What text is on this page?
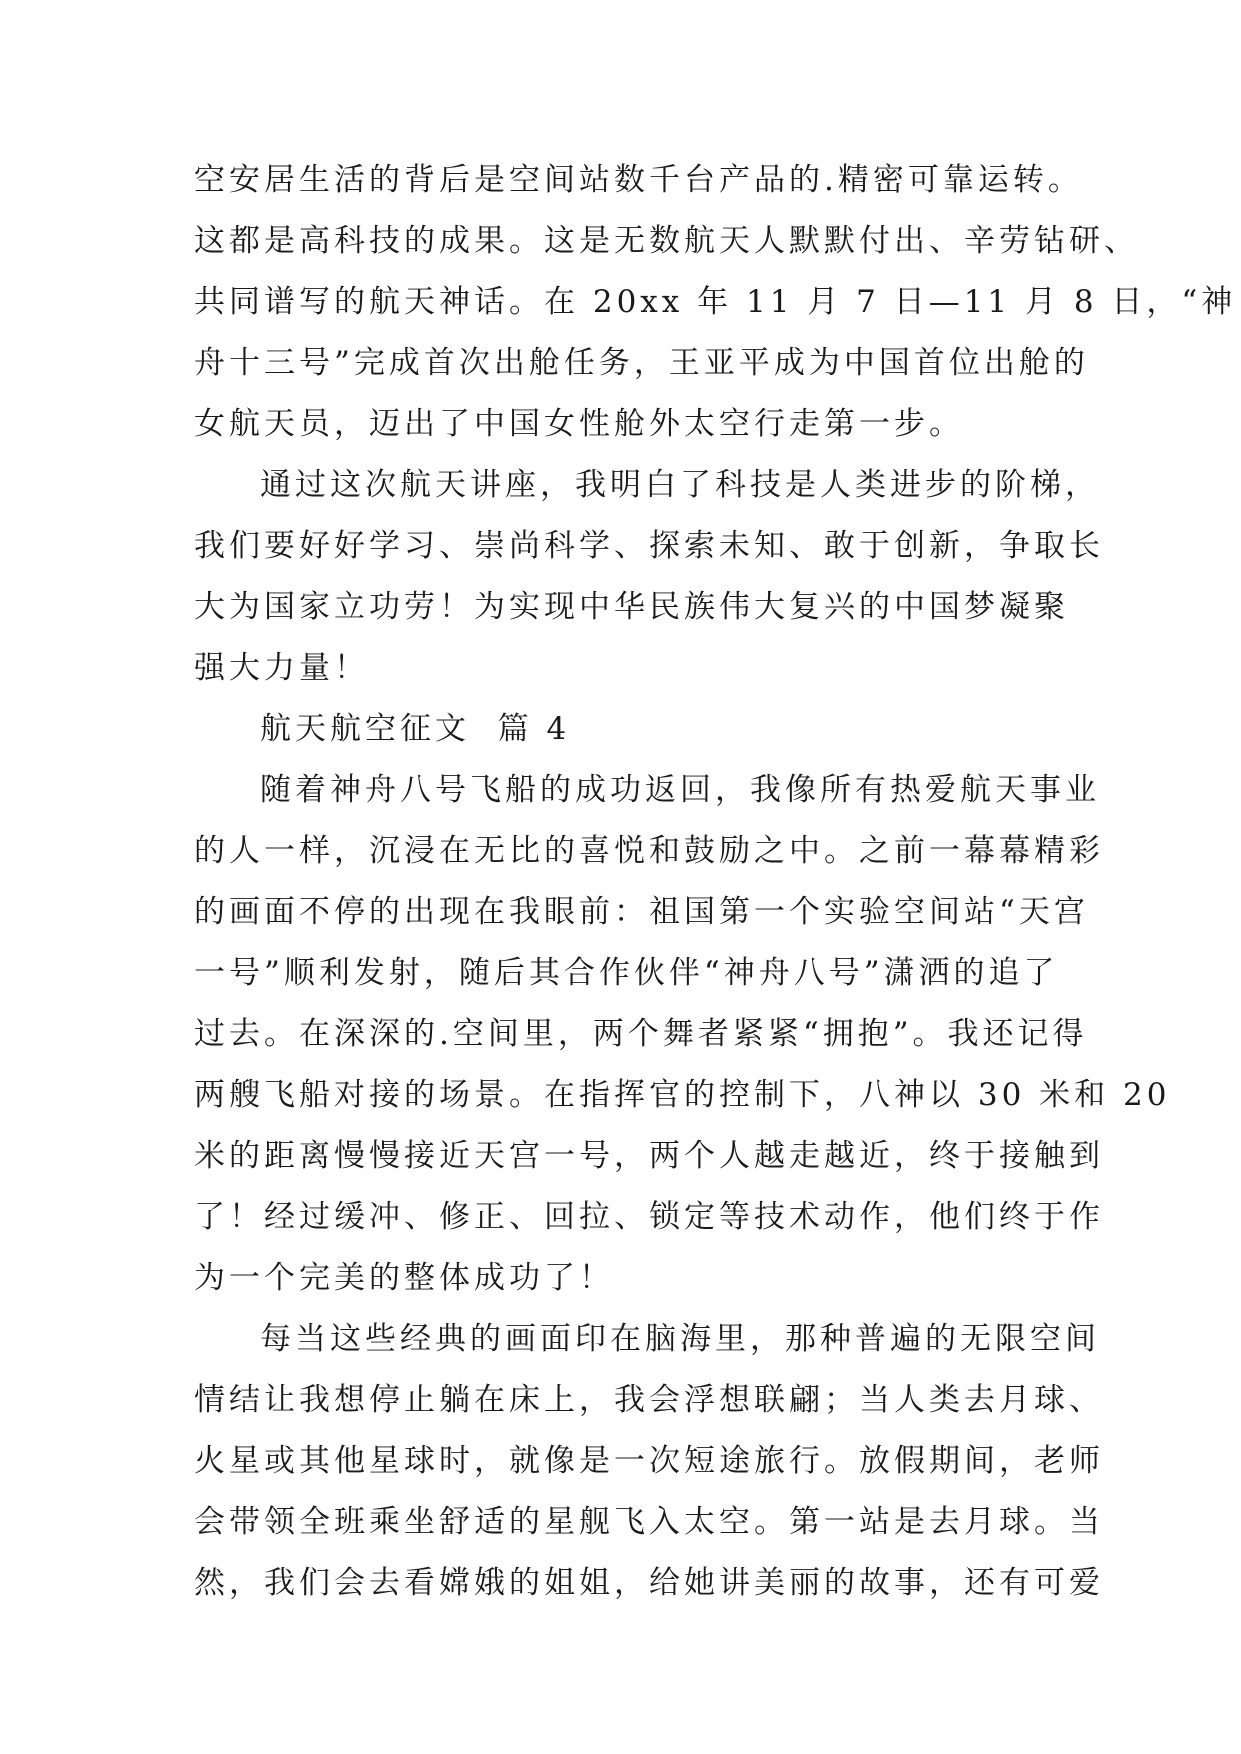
空安居生活的背后是空间站数千台产品的.精密可靠运转。
这都是高科技的成果。这是无数航天人默默付出、辛劳钻研、
共同谱写的航天神话。在 20xx 年 11 月 7 日—11 月 8 日，“神
舟十三号”完成首次出舱任务，王亚平成为中国首位出舱的
女航天员，迈出了中国女性舱外太空行走第一步。
通过这次航天讲座，我明白了科技是人类进步的阶梯，
我们要好好学习、崇尚科学、探索未知、敢于创新，争取长
大为国家立功劳！为实现中华民族伟大复兴的中国梦凝聚
强大力量！
航天航空征文  篇 4
随着神舟八号飞船的成功返回，我像所有热爱航天事业
的人一样，沉浸在无比的喜悦和鼓励之中。之前一幕幕精彩
的画面不停的出现在我眼前：祖国第一个实验空间站“天宫
一号”顺利发射，随后其合作伙伴“神舟八号”潇洒的追了
过去。在深深的.空间里，两个舞者紧紧“拥抱”。我还记得
两艘飞船对接的场景。在指挥官的控制下，八神以 30 米和 20
米的距离慢慢接近天宫一号，两个人越走越近，终于接触到
了！经过缓冲、修正、回拉、锁定等技术动作，他们终于作
为一个完美的整体成功了！
每当这些经典的画面印在脑海里，那种普遍的无限空间
情结让我想停止躺在床上，我会浮想联翩；当人类去月球、
火星或其他星球时，就像是一次短途旅行。放假期间，老师
会带领全班乘坐舒适的星舰飞入太空。第一站是去月球。当
然，我们会去看嫦娥的姐姐，给她讲美丽的故事，还有可爱
